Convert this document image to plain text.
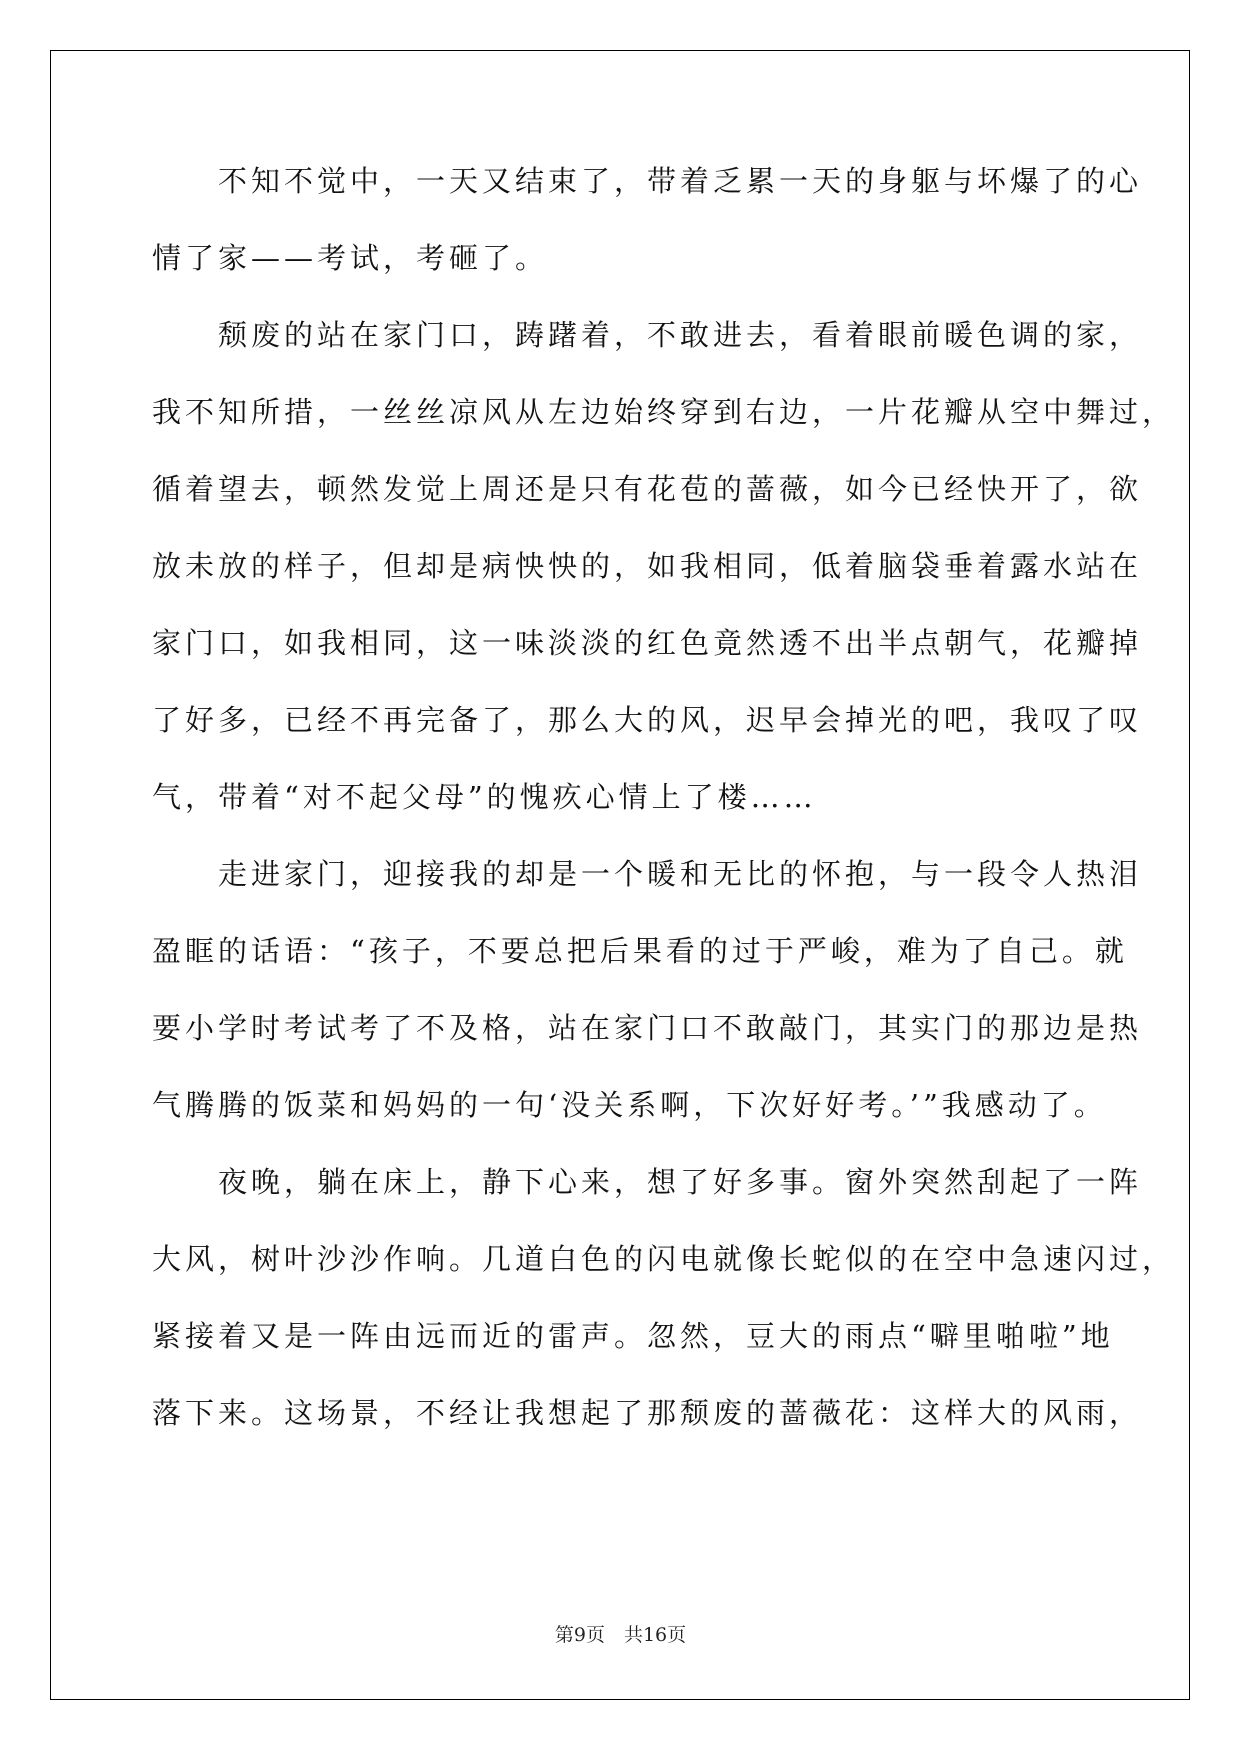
　　不知不觉中，一天又结束了，带着乏累一天的身躯与坏爆了的心
情了家——考试，考砸了。
　　颓废的站在家门口，踌躇着，不敢进去，看着眼前暖色调的家，
我不知所措，一丝丝凉风从左边始终穿到右边，一片花瓣从空中舞过，
循着望去，顿然发觉上周还是只有花苞的蔷薇，如今已经快开了，欲
放未放的样子，但却是病怏怏的，如我相同，低着脑袋垂着露水站在
家门口，如我相同，这一味淡淡的红色竟然透不出半点朝气，花瓣掉
了好多，已经不再完备了，那么大的风，迟早会掉光的吧，我叹了叹
气，带着“对不起父母”的愧疚心情上了楼……
　　走进家门，迎接我的却是一个暖和无比的怀抱，与一段令人热泪
盈眶的话语：“孩子，不要总把后果看的过于严峻，难为了自己。就
要小学时考试考了不及格，站在家门口不敢敲门，其实门的那边是热
气腾腾的饭菜和妈妈的一句‘没关系啊，下次好好考。’”我感动了。
　　夜晚，躺在床上，静下心来，想了好多事。窗外突然刮起了一阵
大风，树叶沙沙作响。几道白色的闪电就像长蛇似的在空中急速闪过，
紧接着又是一阵由远而近的雷声。忽然，豆大的雨点“噼里啪啦”地
落下来。这场景，不经让我想起了那颓废的蔷薇花：这样大的风雨，
第9页　共16页
